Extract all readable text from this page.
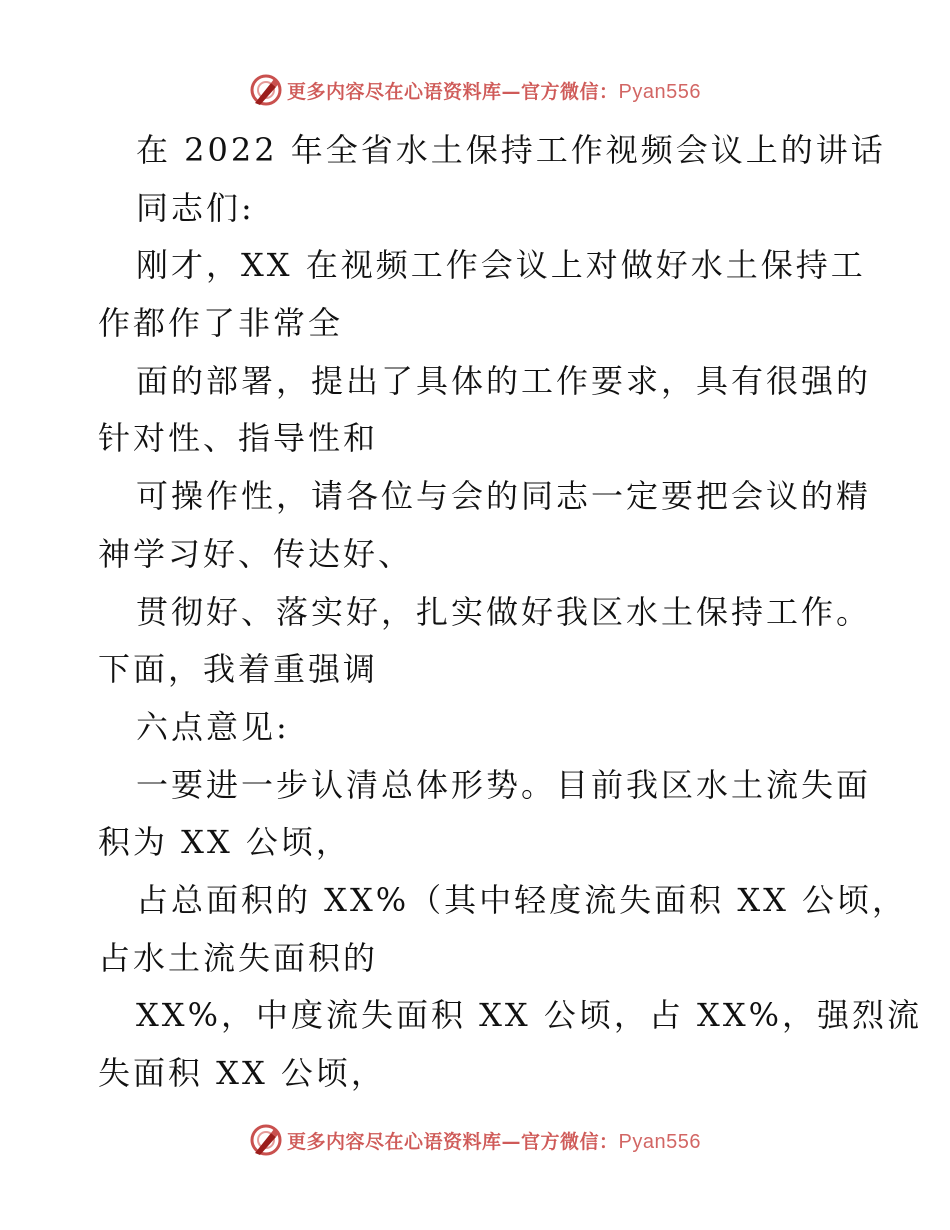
更多内容尽在心语资料库—官方微信：Pyan556
在 2022 年全省水土保持工作视频会议上的讲话
同志们:
刚才，XX 在视频工作会议上对做好水土保持工
作都作了非常全
面的部署，提出了具体的工作要求，具有很强的
针对性、指导性和
可操作性，请各位与会的同志一定要把会议的精
神学习好、传达好、
贯彻好、落实好，扎实做好我区水土保持工作。
下面，我着重强调
六点意见:
一要进一步认清总体形势。目前我区水土流失面
积为 XX 公顷，
占总面积的 XX%（其中轻度流失面积 XX 公顷，
占水土流失面积的
XX%，中度流失面积 XX 公顷，占 XX%，强烈流
失面积 XX 公顷，
更多内容尽在心语资料库—官方微信：Pyan556
